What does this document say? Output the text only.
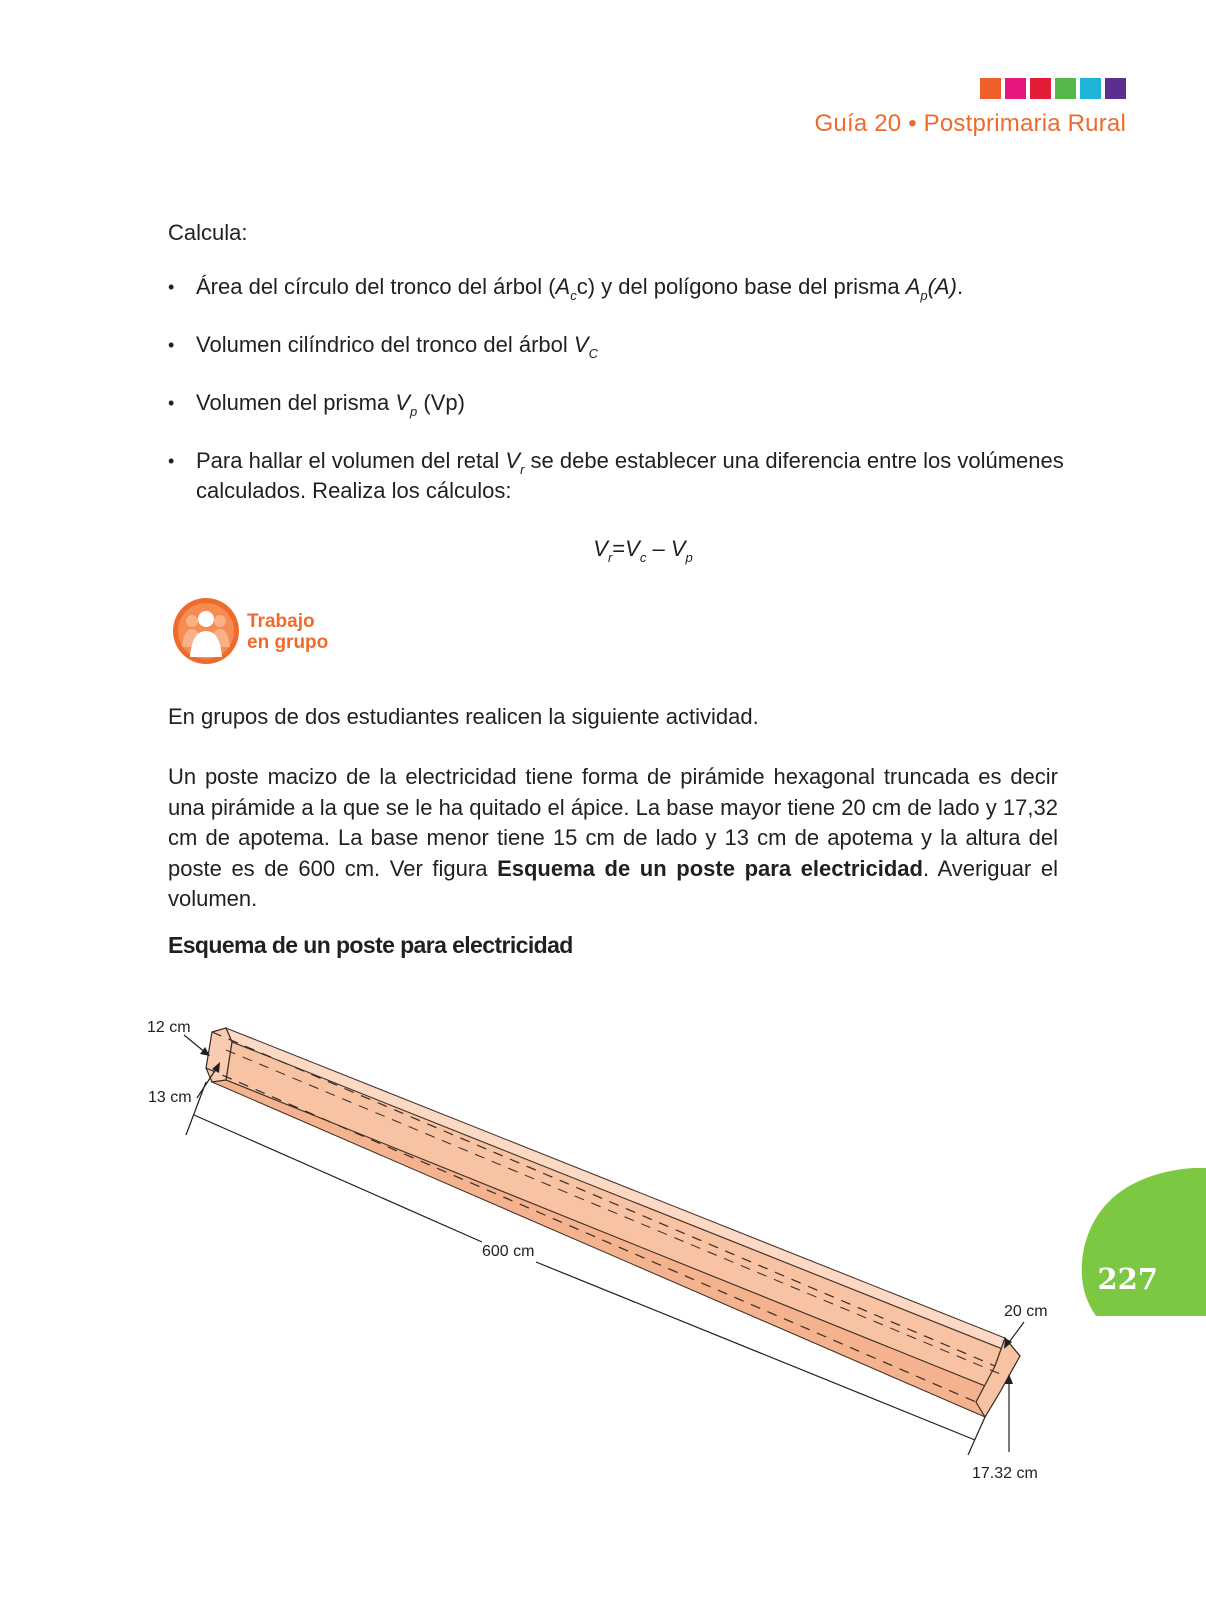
Guía 20 • Postprimaria Rural
Calcula:
• Área del círculo del tronco del árbol $(A_cc)$ y del polígono base del prisma $A_p(A)$.
• Volumen cilíndrico del tronco del árbol $V_C$
• Volumen del prisma $V_p$ (Vp)
• Para hallar el volumen del retal $V_r$ se debe establecer una diferencia entre los volúmenes calculados. Realiza los cálculos:
$V_r=V_c - V_p$
Trabajo
en grupo
En grupos de dos estudiantes realicen la siguiente actividad.
Un poste macizo de la electricidad tiene forma de pirámide hexagonal truncada es decir una pirámide a la que se le ha quitado el ápice. La base mayor tiene 20 cm de lado y 17,32 cm de apotema. La base menor tiene 15 cm de lado y 13 cm de apotema y la altura del poste es de 600 cm. Ver figura Esquema de un poste para electricidad. Averiguar el volumen.
Esquema de un poste para electricidad
12 cm
13 cm
600 cm
20 cm
17.32 cm
227
